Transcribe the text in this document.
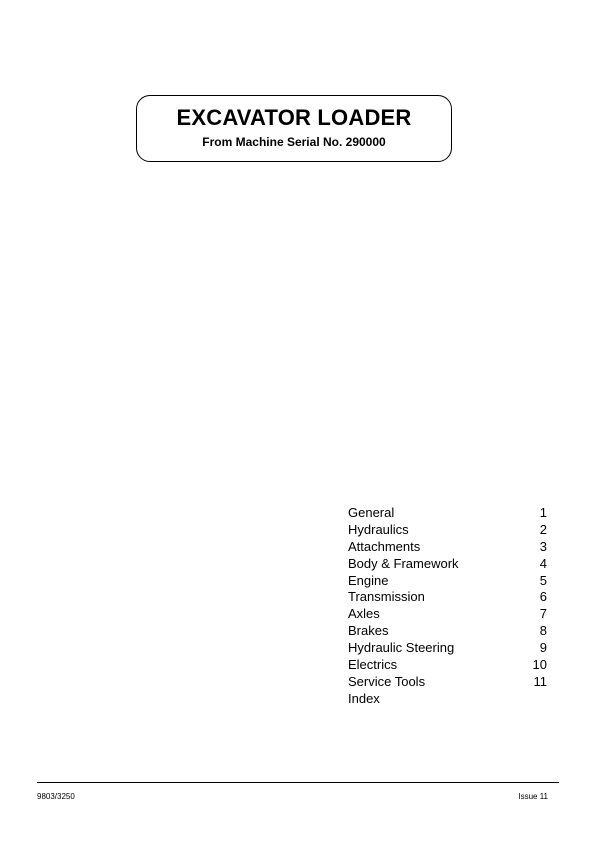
EXCAVATOR LOADER
From Machine Serial No. 290000
General	1
Hydraulics	2
Attachments	3
Body & Framework	4
Engine	5
Transmission	6
Axles	7
Brakes	8
Hydraulic Steering	9
Electrics	10
Service Tools	11
Index
9803/3250	Issue 11
